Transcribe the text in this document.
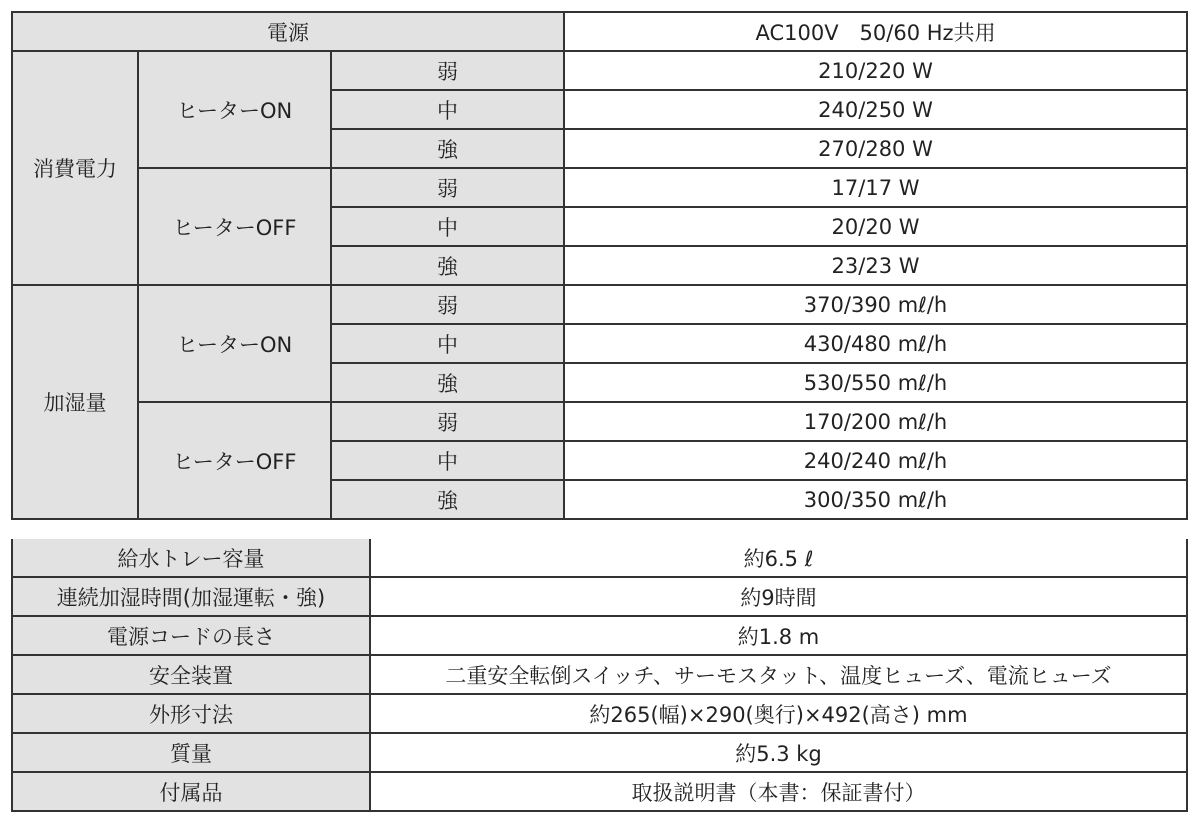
電源			AC100V　50/60 Hz共用
消費電力	ヒーターON	弱	210/220 W
		中	240/250 W
		強	270/280 W
	ヒーターOFF	弱	17/17 W
		中	20/20 W
		強	23/23 W
加湿量	ヒーターON	弱	370/390 mℓ/h
		中	430/480 mℓ/h
		強	530/550 mℓ/h
	ヒーターOFF	弱	170/200 mℓ/h
		中	240/240 mℓ/h
		強	300/350 mℓ/h
給水トレー容量	約6.5 ℓ
連続加湿時間(加湿運転・強)	約9時間
電源コードの長さ	約1.8 m
安全装置	二重安全転倒スイッチ、サーモスタット、温度ヒューズ、電流ヒューズ
外形寸法	約265(幅)×290(奥行)×492(高さ) mm
質量	約5.3 kg
付属品	取扱説明書（本書：保証書付）
